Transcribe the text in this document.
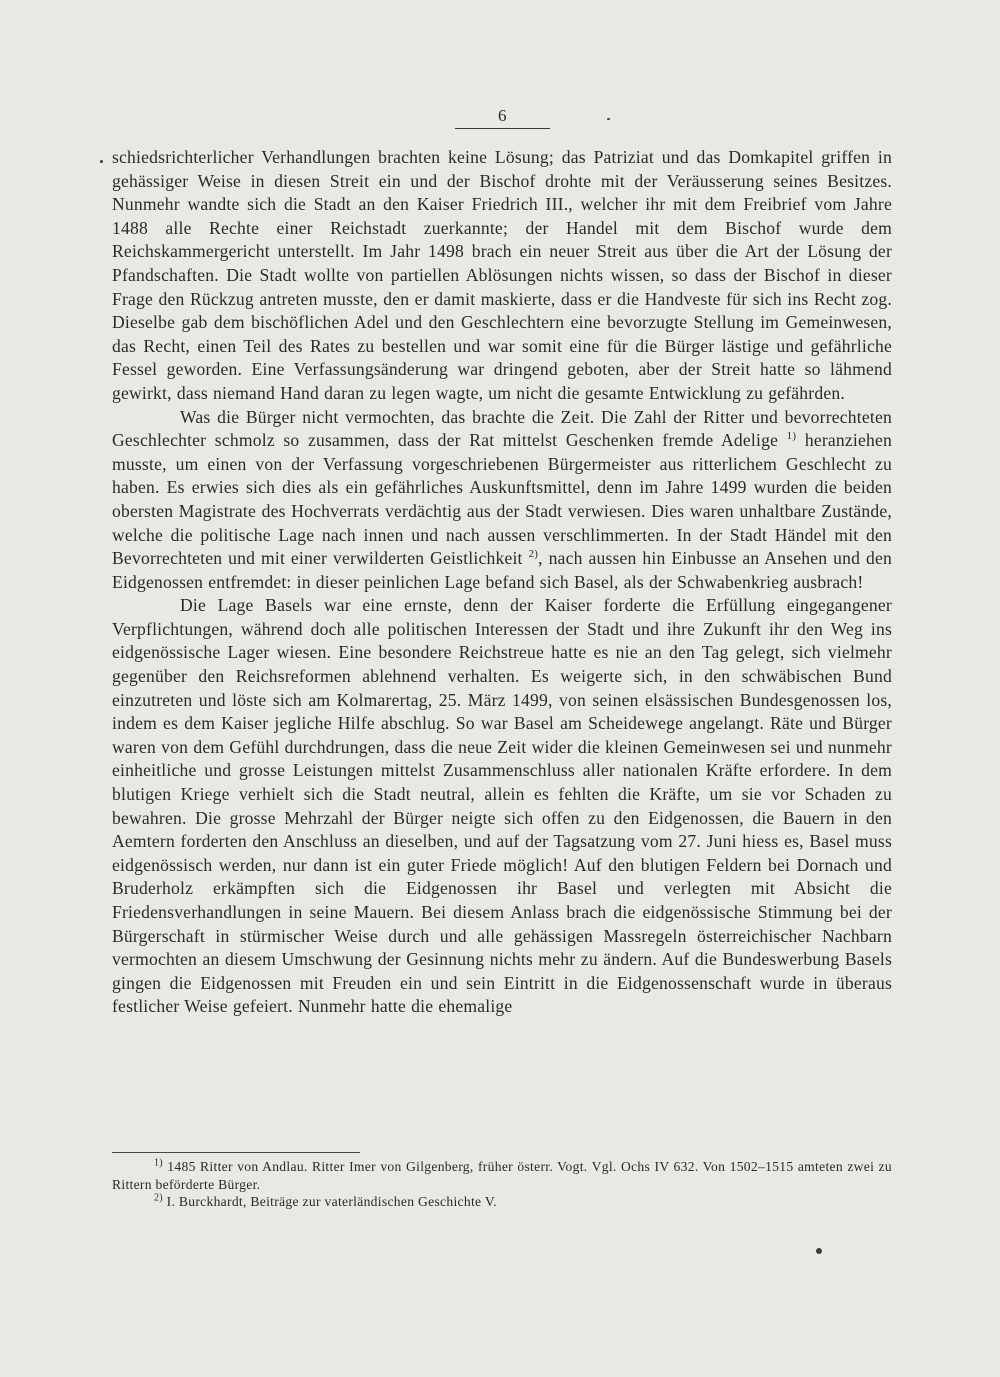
6

schiedsrichterlicher Verhandlungen brachten keine Lösung; das Patriziat und das Domkapitel griffen in gehässiger Weise in diesen Streit ein und der Bischof drohte mit der Veräusserung seines Besitzes. Nunmehr wandte sich die Stadt an den Kaiser Friedrich III., welcher ihr mit dem Freibrief vom Jahre 1488 alle Rechte einer Reichstadt zuerkannte; der Handel mit dem Bischof wurde dem Reichskammergericht unterstellt. Im Jahr 1498 brach ein neuer Streit aus über die Art der Lösung der Pfandschaften. Die Stadt wollte von partiellen Ablösungen nichts wissen, so dass der Bischof in dieser Frage den Rückzug antreten musste, den er damit maskierte, dass er die Handveste für sich ins Recht zog. Dieselbe gab dem bischöflichen Adel und den Geschlechtern eine bevorzugte Stellung im Gemeinwesen, das Recht, einen Teil des Rates zu bestellen und war somit eine für die Bürger lästige und gefährliche Fessel geworden. Eine Verfassungsänderung war dringend geboten, aber der Streit hatte so lähmend gewirkt, dass niemand Hand daran zu legen wagte, um nicht die gesamte Entwicklung zu gefährden.

Was die Bürger nicht vermochten, das brachte die Zeit. Die Zahl der Ritter und bevorrechteten Geschlechter schmolz so zusammen, dass der Rat mittelst Geschenken fremde Adelige $^{1)}$ heranziehen musste, um einen von der Verfassung vorgeschriebenen Bürgermeister aus ritterlichem Geschlecht zu haben. Es erwies sich dies als ein gefährliches Auskunftsmittel, denn im Jahre 1499 wurden die beiden obersten Magistrate des Hochverrats verdächtig aus der Stadt verwiesen. Dies waren unhaltbare Zustände, welche die politische Lage nach innen und nach aussen verschlimmerten. In der Stadt Händel mit den Bevorrechteten und mit einer verwilderten Geistlichkeit $^{2)}$, nach aussen hin Einbusse an Ansehen und den Eidgenossen entfremdet: in dieser peinlichen Lage befand sich Basel, als der Schwabenkrieg ausbrach!

Die Lage Basels war eine ernste, denn der Kaiser forderte die Erfüllung eingegangener Verpflichtungen, während doch alle politischen Interessen der Stadt und ihre Zukunft ihr den Weg ins eidgenössische Lager wiesen. Eine besondere Reichstreue hatte es nie an den Tag gelegt, sich vielmehr gegenüber den Reichsreformen ablehnend verhalten. Es weigerte sich, in den schwäbischen Bund einzutreten und löste sich am Kolmarertag, 25. März 1499, von seinen elsässischen Bundesgenossen los, indem es dem Kaiser jegliche Hilfe abschlug. So war Basel am Scheidewege angelangt. Räte und Bürger waren von dem Gefühl durchdrungen, dass die neue Zeit wider die kleinen Gemeinwesen sei und nunmehr einheitliche und grosse Leistungen mittelst Zusammenschluss aller nationalen Kräfte erfordere. In dem blutigen Kriege verhielt sich die Stadt neutral, allein es fehlten die Kräfte, um sie vor Schaden zu bewahren. Die grosse Mehrzahl der Bürger neigte sich offen zu den Eidgenossen, die Bauern in den Aemtern forderten den Anschluss an dieselben, und auf der Tagsatzung vom 27. Juni hiess es, Basel muss eidgenössisch werden, nur dann ist ein guter Friede möglich! Auf den blutigen Feldern bei Dornach und Bruderholz erkämpften sich die Eidgenossen ihr Basel und verlegten mit Absicht die Friedensverhandlungen in seine Mauern. Bei diesem Anlass brach die eidgenössische Stimmung bei der Bürgerschaft in stürmischer Weise durch und alle gehässigen Massregeln österreichischer Nachbarn vermochten an diesem Umschwung der Gesinnung nichts mehr zu ändern. Auf die Bundeswerbung Basels gingen die Eidgenossen mit Freuden ein und sein Eintritt in die Eidgenossenschaft wurde in überaus festlicher Weise gefeiert. Nunmehr hatte die ehemalige

$^{1)}$ 1485 Ritter von Andlau. Ritter Imer von Gilgenberg, früher österr. Vogt. Vgl. Ochs IV 632. Von 1502–1515 amteten zwei zu Rittern beförderte Bürger.

$^{2)}$ I. Burckhardt, Beiträge zur vaterländischen Geschichte V.
